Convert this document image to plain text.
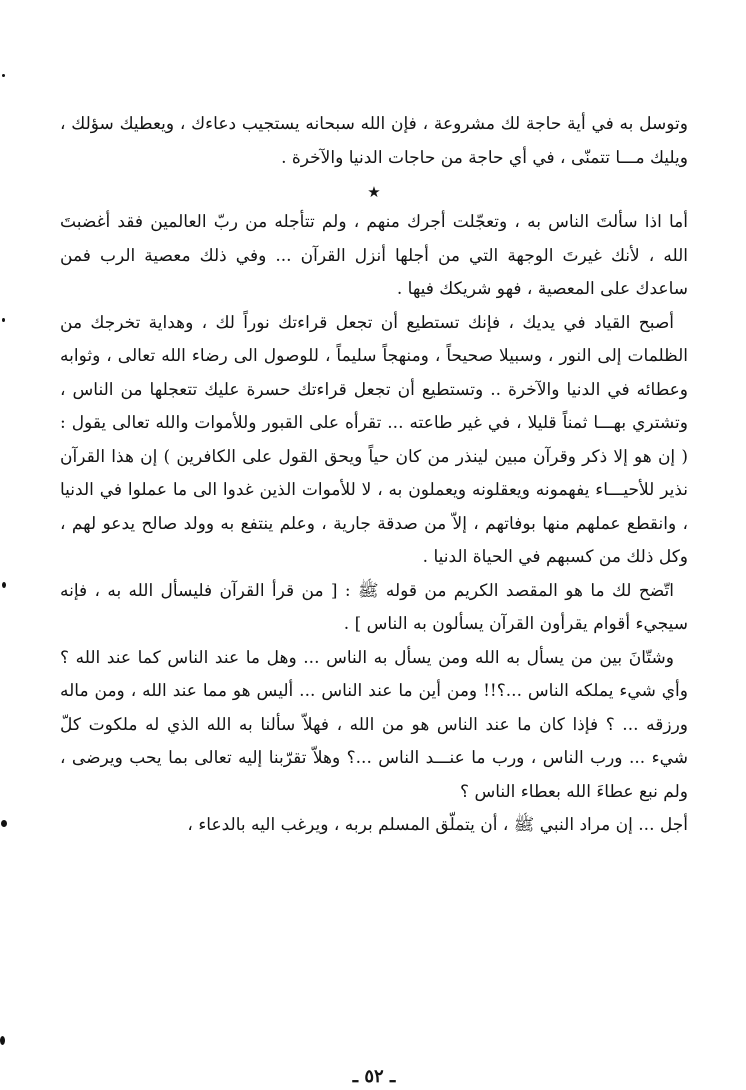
وتوسل به في أية حاجة لك مشروعة ، فإن الله سبحانه يستجيب دعاءك ، ويعطيك سؤلك ، ويليك مـــا تتمنّى ، في أي حاجة من حاجات الدنيا والآخرة .

★

أما اذا سألتَ الناس به ، وتعجّلت أجرك منهم ، ولم تتأجله من ربّ العالمين فقد أغضبتَ الله ، لأنك غيرتَ الوجهة التي من أجلها أنزل القرآن ... وفي ذلك معصية الرب فمن ساعدك على المعصية ، فهو شريكك فيها .

أصبح القياد في يديك ، فإنك تستطيع أن تجعل قراءتك نوراً لك ، وهداية تخرجك من الظلمات إلى النور ، وسبيلا صحيحاً ، ومنهجاً سليماً ، للوصول الى رضاء الله تعالى ، وثوابه وعطائه في الدنيا والآخرة .. وتستطيع أن تجعل قراءتك حسرة عليك تتعجلها من الناس ، وتشتري بهـــا ثمناً قليلا ، في غير طاعته ... تقرأه على القبور وللأموات والله تعالى يقول : ( إن هو إلا ذكر وقرآن مبين لينذر من كان حياً ويحق القول على الكافرين ) إن هذا القرآن نذير للأحيـــاء يفهمونه ويعقلونه ويعملون به ، لا للأموات الذين غدوا الى ما عملوا في الدنيا ، وانقطع عملهم منها بوفاتهم ، إلاّ من صدقة جارية ، وعلم ينتفع به وولد صالح يدعو لهم ، وكل ذلك من كسبهم في الحياة الدنيا .

اتّضح لك ما هو المقصد الكريم من قوله ﷺ : [ من قرأ القرآن فليسأل الله به ، فإنه سيجيء أقوام يقرأون القرآن يسألون به الناس ] .

وشتّانَ بين من يسأل به الله ومن يسأل به الناس ... وهل ما عند الناس كما عند الله ؟ وأي شيء يملكه الناس ...؟!! ومن أين ما عند الناس ... أليس هو مما عند الله ، ومن ماله ورزقه ... ؟ فإذا كان ما عند الناس هو من الله ، فهلاّ سألنا به الله الذي له ملكوت كلّ شيء ... ورب الناس ، ورب ما عنـــد الناس ...؟ وهلاّ تقرّبنا إليه تعالى بما يحب ويرضى ، ولم نبع عطاءَ الله بعطاء الناس ؟

أجل ... إن مراد النبي ﷺ ، أن يتملّق المسلم بربه ، ويرغب اليه بالدعاء ،

ـ ٥٢ ـ
